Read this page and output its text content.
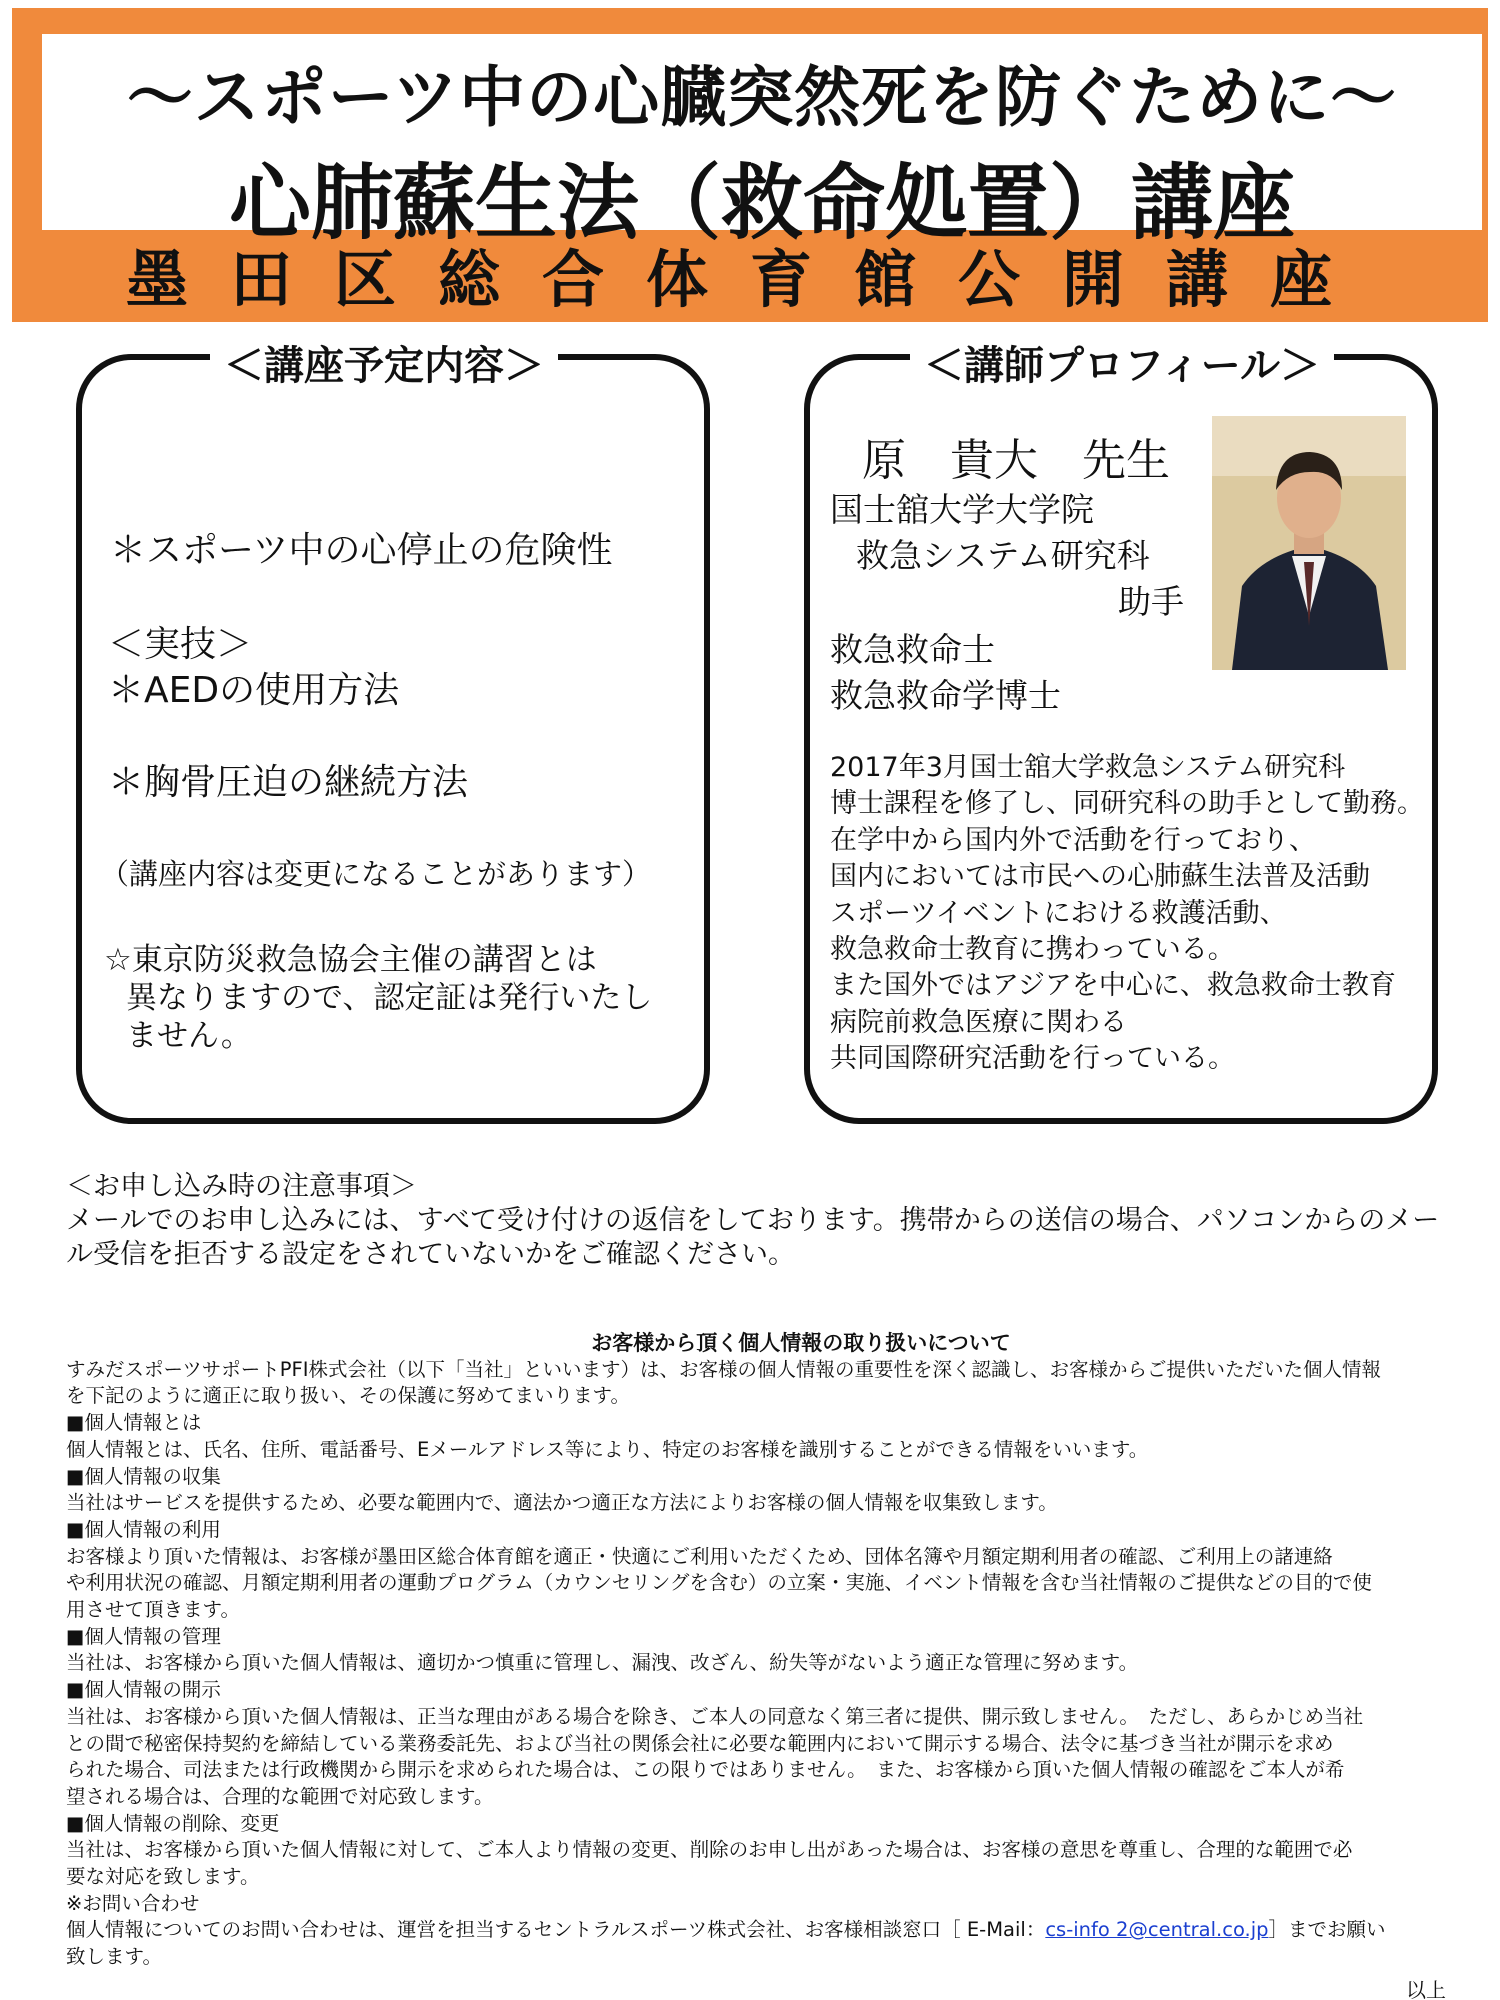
〜スポーツ中の心臓突然死を防ぐために〜
心肺蘇生法（救命処置）講座
墨田区総合体育館公開講座
＜講座予定内容＞
＊スポーツ中の心停止の危険性
＜実技＞
＊AEDの使用方法
＊胸骨圧迫の継続方法
（講座内容は変更になることがあります）
☆東京防災救急協会主催の講習とは
異なりますので、認定証は発行いたし
ません。
＜講師プロフィール＞
原　貴大　先生
国士舘大学大学院
救急システム研究科
助手
救急救命士
救急救命学博士
2017年3月国士舘大学救急システム研究科
博士課程を修了し、同研究科の助手として勤務。
在学中から国内外で活動を行っており、
国内においては市民への心肺蘇生法普及活動
スポーツイベントにおける救護活動、
救急救命士教育に携わっている。
また国外ではアジアを中心に、救急救命士教育
病院前救急医療に関わる
共同国際研究活動を行っている。
＜お申し込み時の注意事項＞
メールでのお申し込みには、すべて受け付けの返信をしております。携帯からの送信の場合、パソコンからのメー
ル受信を拒否する設定をされていないかをご確認ください。
お客様から頂く個人情報の取り扱いについて

すみだスポーツサポートPFI株式会社（以下「当社」といいます）は、お客様の個人情報の重要性を深く認識し、お客様からご提供いただいた個人情報

を下記のように適正に取り扱い、その保護に努めてまいります。

■個人情報とは

個人情報とは、氏名、住所、電話番号、Eメールアドレス等により、特定のお客様を識別することができる情報をいいます。

■個人情報の収集

当社はサービスを提供するため、必要な範囲内で、適法かつ適正な方法によりお客様の個人情報を収集致します。

■個人情報の利用

お客様より頂いた情報は、お客様が墨田区総合体育館を適正・快適にご利用いただくため、団体名簿や月額定期利用者の確認、ご利用上の諸連絡

や利用状況の確認、月額定期利用者の運動プログラム（カウンセリングを含む）の立案・実施、イベント情報を含む当社情報のご提供などの目的で使

用させて頂きます。

■個人情報の管理

当社は、お客様から頂いた個人情報は、適切かつ慎重に管理し、漏洩、改ざん、紛失等がないよう適正な管理に努めます。

■個人情報の開示

当社は、お客様から頂いた個人情報は、正当な理由がある場合を除き、ご本人の同意なく第三者に提供、開示致しません。　ただし、あらかじめ当社

との間で秘密保持契約を締結している業務委託先、および当社の関係会社に必要な範囲内において開示する場合、法令に基づき当社が開示を求め

られた場合、司法または行政機関から開示を求められた場合は、この限りではありません。　また、お客様から頂いた個人情報の確認をご本人が希

望される場合は、合理的な範囲で対応致します。

■個人情報の削除、変更

当社は、お客様から頂いた個人情報に対して、ご本人より情報の変更、削除のお申し出があった場合は、お客様の意思を尊重し、合理的な範囲で必

要な対応を致します。

※お問い合わせ

個人情報についてのお問い合わせは、運営を担当するセントラルスポーツ株式会社、お客様相談窓口［ E-Mail：cs-info 2@central.co.jp］までお願い

致します。

以上
